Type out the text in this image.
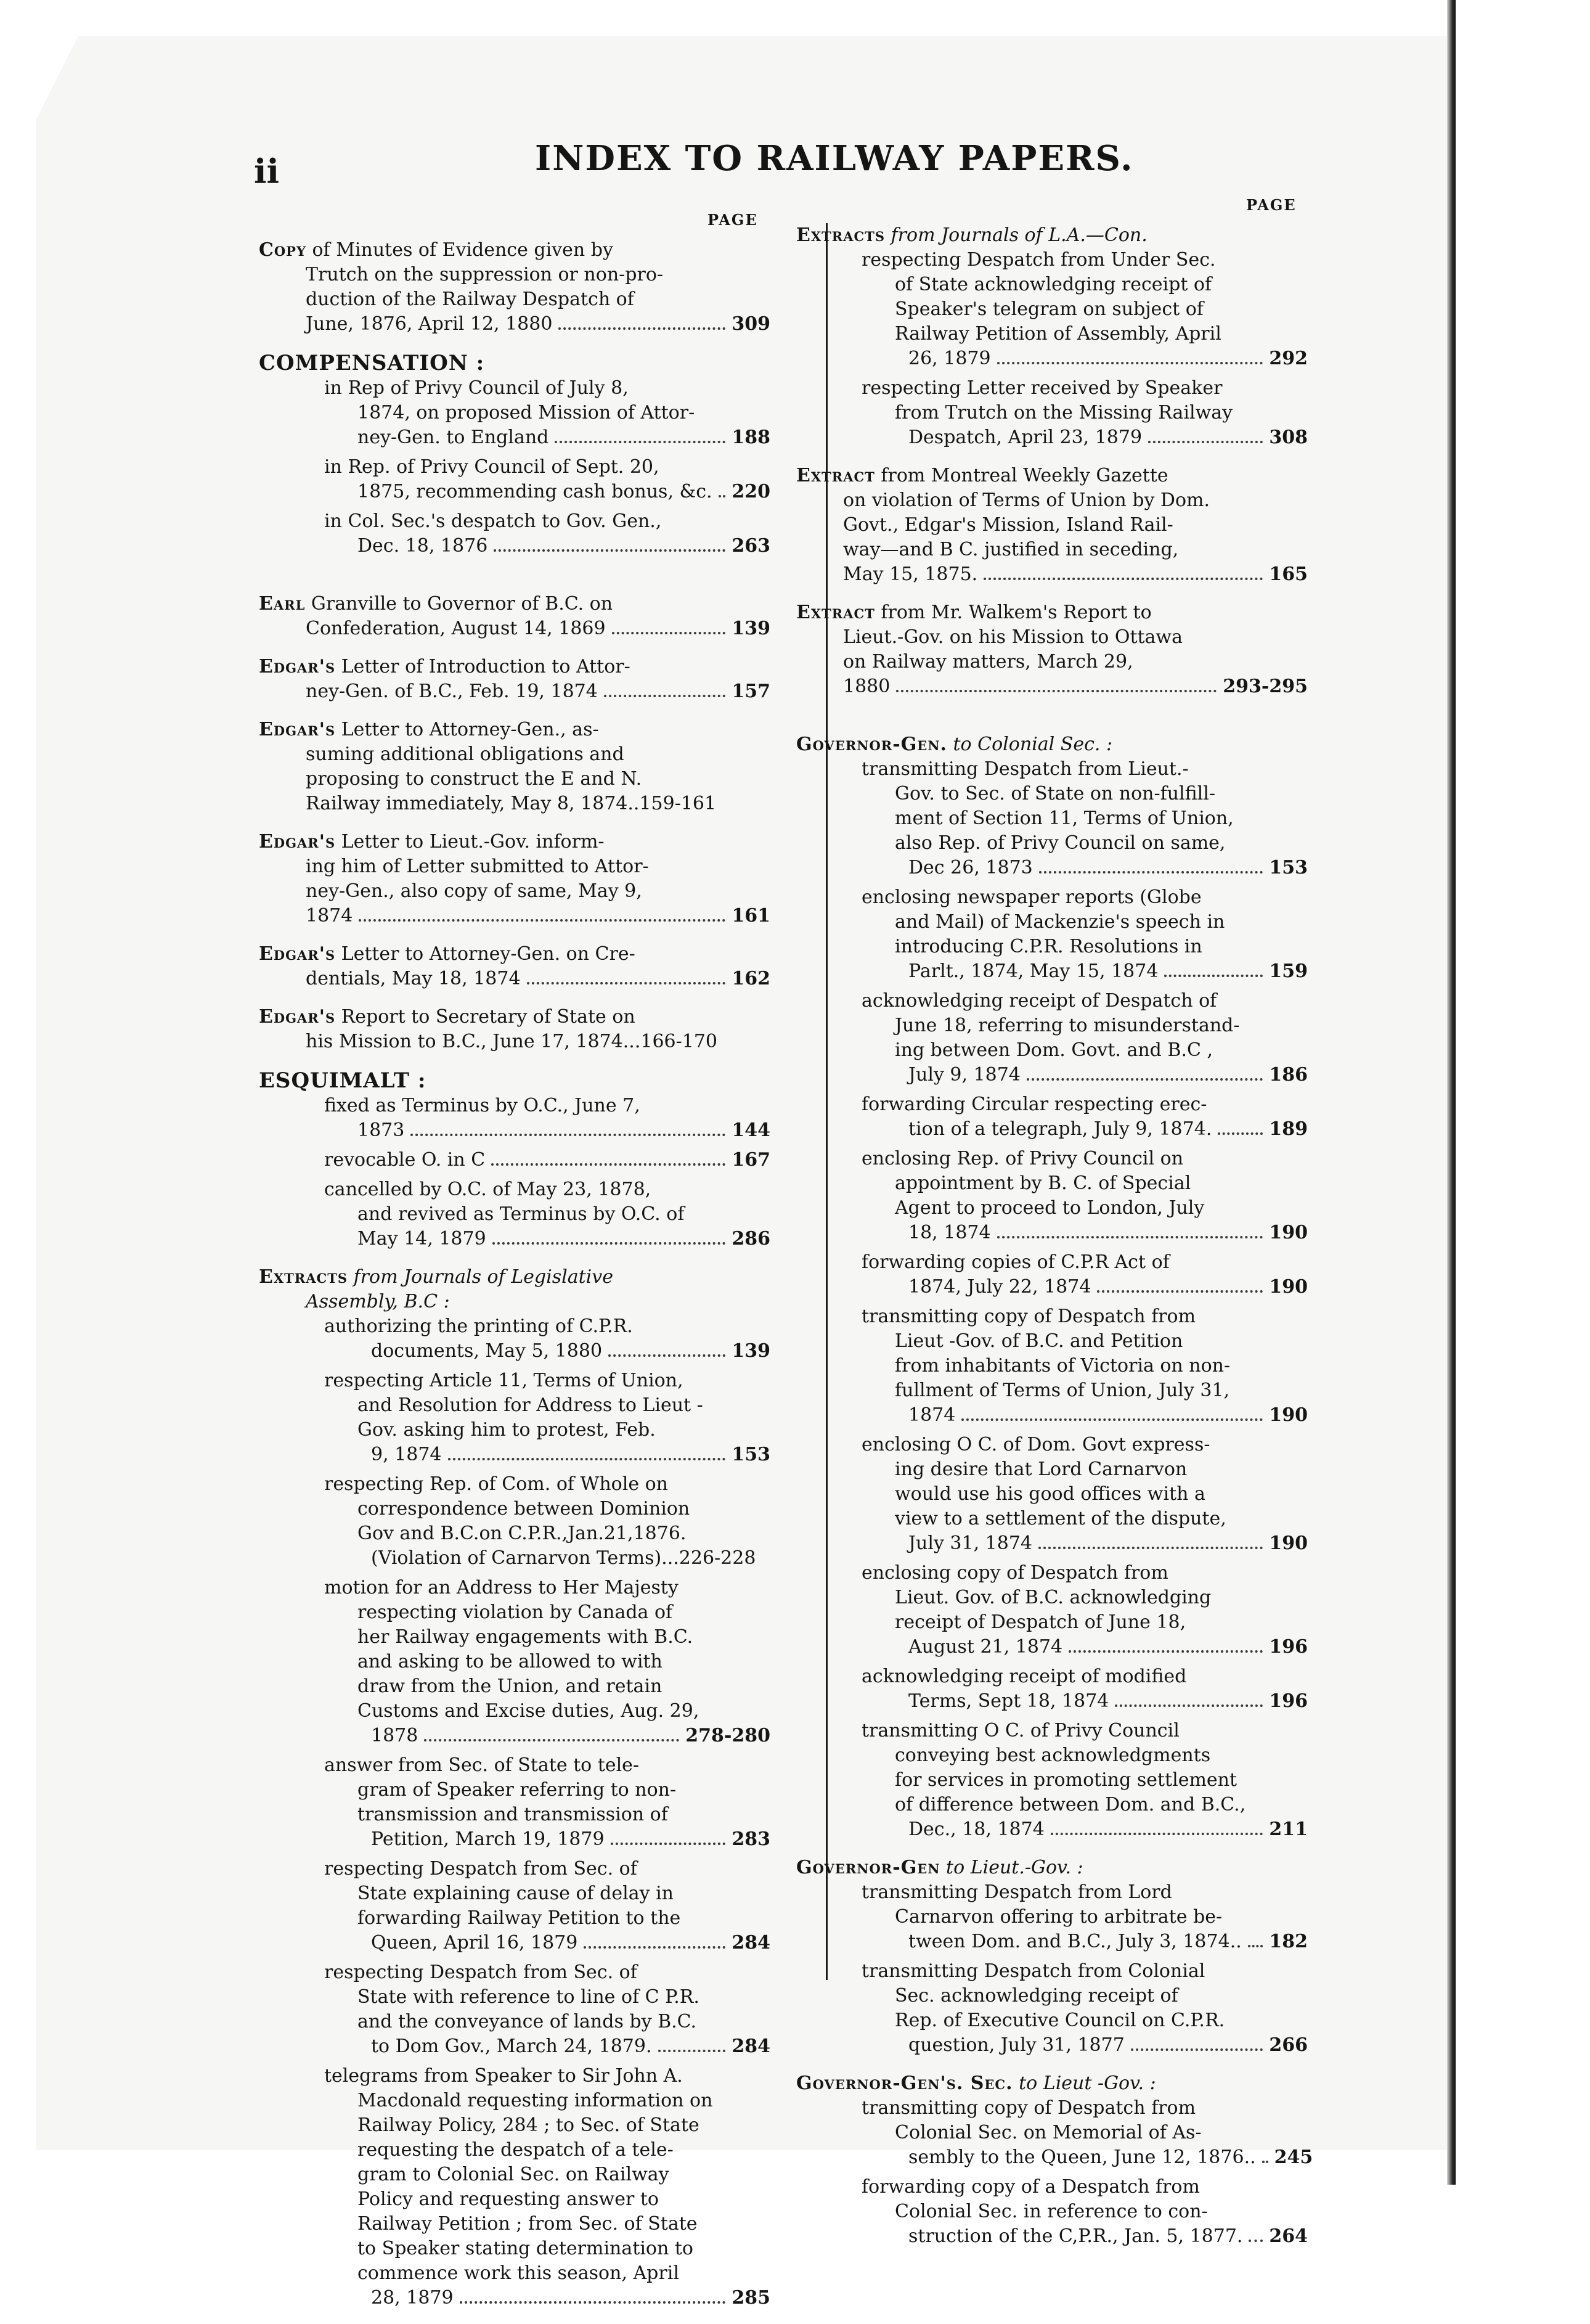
ii	INDEX TO RAILWAY PAPERS.
PAGE
PAGE
Copy of Minutes of Evidence given by
Trutch on the suppression or non-pro-
duction of the Railway Despatch of
June, 1876, April 12, 1880	309
COMPENSATION :
in Rep of Privy Council of July 8,
1874, on proposed Mission of Attor-
ney-Gen. to England	188
in Rep. of Privy Council of Sept. 20,
1875, recommending cash bonus, &c. 220
in Col. Sec.'s despatch to Gov. Gen.,
Dec. 18, 1876	263
Earl Granville to Governor of B.C. on
Confederation, August 14, 1869	139
Edgar's Letter of Introduction to Attor-
ney-Gen. of B.C., Feb. 19, 1874	157
Edgar's Letter to Attorney-Gen., as-
suming additional obligations and
proposing to construct the E and N.
Railway immediately, May 8, 1874..159-161
Edgar's Letter to Lieut.-Gov. inform-
ing him of Letter submitted to Attor-
ney-Gen., also copy of same, May 9,
1874	161
Edgar's Letter to Attorney-Gen. on Cre-
dentials, May 18, 1874	162
Edgar's Report to Secretary of State on
his Mission to B.C., June 17, 1874...166-170
ESQUIMALT :
fixed as Terminus by O.C., June 7,
1873	144
revocable O. in C	167
cancelled by O.C. of May 23, 1878,
and revived as Terminus by O.C. of
May 14, 1879	286
Extracts from Journals of Legislative
Assembly, B.C :
authorizing the printing of C.P.R.
documents, May 5, 1880	139
respecting Article 11, Terms of Union,
and Resolution for Address to Lieut -
Gov. asking him to protest, Feb.
9, 1874	153
respecting Rep. of Com. of Whole on
correspondence between Dominion
Gov and B.C.on C.P.R.,Jan.21,1876.
(Violation of Carnarvon Terms)...226-228
motion for an Address to Her Majesty
respecting violation by Canada of
her Railway engagements with B.C.
and asking to be allowed to with
draw from the Union, and retain
Customs and Excise duties, Aug. 29,
1878	278-280
answer from Sec. of State to tele-
gram of Speaker referring to non-
transmission and transmission of
Petition, March 19, 1879	283
respecting Despatch from Sec. of
State explaining cause of delay in
forwarding Railway Petition to the
Queen, April 16, 1879	284
respecting Despatch from Sec. of
State with reference to line of C P.R.
and the conveyance of lands by B.C.
to Dom Gov., March 24, 1879.	284
telegrams from Speaker to Sir John A.
Macdonald requesting information on
Railway Policy, 284 ; to Sec. of State
requesting the despatch of a tele-
gram to Colonial Sec. on Railway
Policy and requesting answer to
Railway Petition ; from Sec. of State
to Speaker stating determination to
commence work this season, April
28, 1879	285
Extracts from Journals of L.A.—Con.
respecting Despatch from Under Sec.
of State acknowledging receipt of
Speaker's telegram on subject of
Railway Petition of Assembly, April
26, 1879	292
respecting Letter received by Speaker
from Trutch on the Missing Railway
Despatch, April 23, 1879	308
Extract from Montreal Weekly Gazette
on violation of Terms of Union by Dom.
Govt., Edgar's Mission, Island Rail-
way—and B C. justified in seceding,
May 15, 1875.	165
Extract from Mr. Walkem's Report to
Lieut.-Gov. on his Mission to Ottawa
on Railway matters, March 29,
1880	293-295
Governor-Gen. to Colonial Sec. :
transmitting Despatch from Lieut.-
Gov. to Sec. of State on non-fulfill-
ment of Section 11, Terms of Union,
also Rep. of Privy Council on same,
Dec 26, 1873	153
enclosing newspaper reports (Globe
and Mail) of Mackenzie's speech in
introducing C.P.R. Resolutions in
Parlt., 1874, May 15, 1874	159
acknowledging receipt of Despatch of
June 18, referring to misunderstand-
ing between Dom. Govt. and B.C ,
July 9, 1874	186
forwarding Circular respecting erec-
tion of a telegraph, July 9, 1874.	189
enclosing Rep. of Privy Council on
appointment by B. C. of Special
Agent to proceed to London, July
18, 1874	190
forwarding copies of C.P.R Act of
1874, July 22, 1874	190
transmitting copy of Despatch from
Lieut -Gov. of B.C. and Petition
from inhabitants of Victoria on non-
fullment of Terms of Union, July 31,
1874	190
enclosing O C. of Dom. Govt express-
ing desire that Lord Carnarvon
would use his good offices with a
view to a settlement of the dispute,
July 31, 1874	190
enclosing copy of Despatch from
Lieut. Gov. of B.C. acknowledging
receipt of Despatch of June 18,
August 21, 1874	196
acknowledging receipt of modified
Terms, Sept 18, 1874	196
transmitting O C. of Privy Council
conveying best acknowledgments
for services in promoting settlement
of difference between Dom. and B.C.,
Dec., 18, 1874	211
Governor-Gen to Lieut.-Gov. :
transmitting Despatch from Lord
Carnarvon offering to arbitrate be-
tween Dom. and B.C., July 3, 1874.. 182
transmitting Despatch from Colonial
Sec. acknowledging receipt of
Rep. of Executive Council on C.P.R.
question, July 31, 1877	266
Governor-Gen's. Sec. to Lieut -Gov. :
transmitting copy of Despatch from
Colonial Sec. on Memorial of As-
sembly to the Queen, June 12, 1876.. 245
forwarding copy of a Despatch from
Colonial Sec. in reference to con-
struction of the C,P.R., Jan. 5, 1877. 264
